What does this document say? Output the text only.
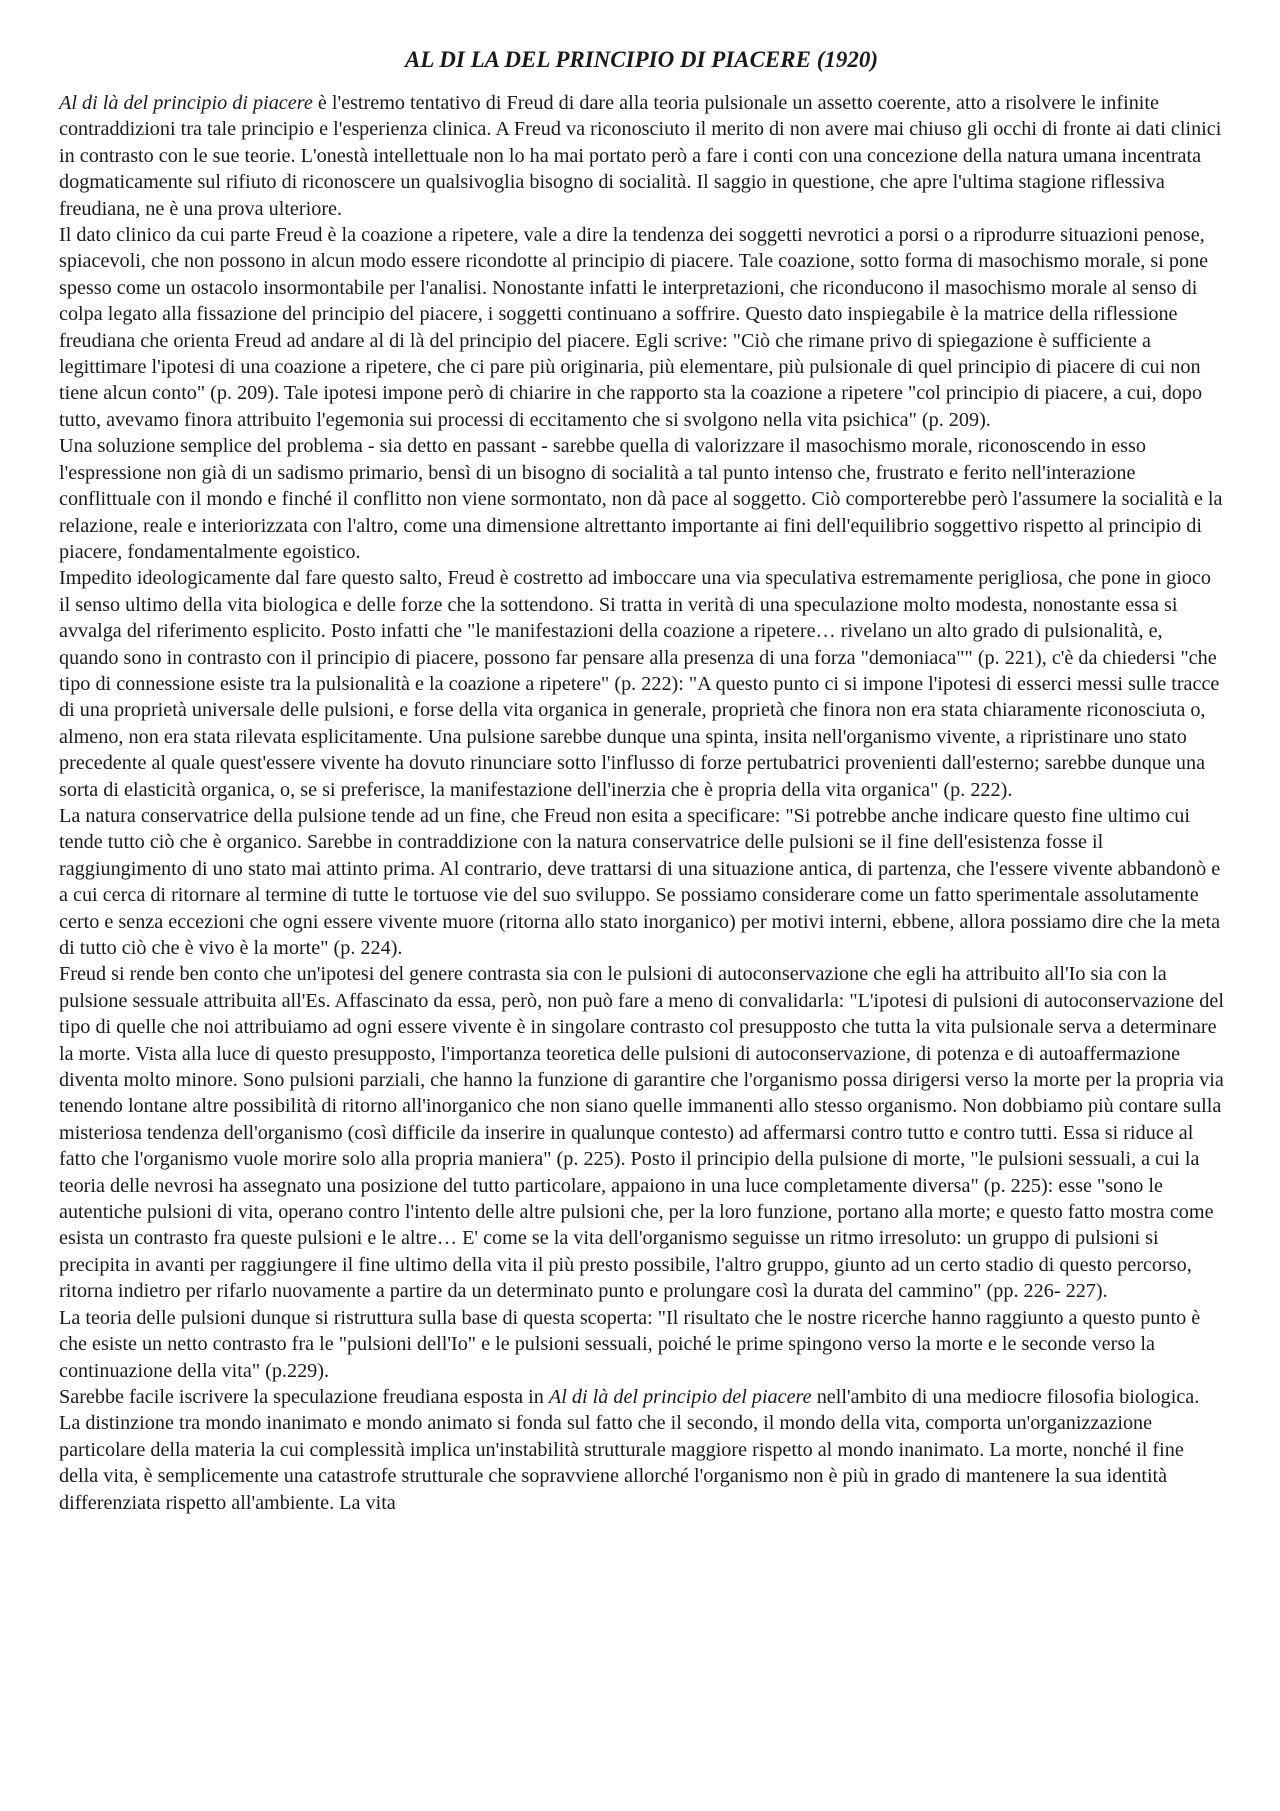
AL DI LA DEL PRINCIPIO DI PIACERE (1920)

Al di là del principio di piacere è l'estremo tentativo di Freud di dare alla teoria pulsionale un assetto coerente, atto a risolvere le infinite contraddizioni tra tale principio e l'esperienza clinica. A Freud va riconosciuto il merito di non avere mai chiuso gli occhi di fronte ai dati clinici in contrasto con le sue teorie. L'onestà intellettuale non lo ha mai portato però a fare i conti con una concezione della natura umana incentrata dogmaticamente sul rifiuto di riconoscere un qualsivoglia bisogno di socialità. Il saggio in questione, che apre l'ultima stagione riflessiva freudiana, ne è una prova ulteriore.

Il dato clinico da cui parte Freud è la coazione a ripetere, vale a dire la tendenza dei soggetti nevrotici a porsi o a riprodurre situazioni penose, spiacevoli, che non possono in alcun modo essere ricondotte al principio di piacere. Tale coazione, sotto forma di masochismo morale, si pone spesso come un ostacolo insormontabile per l'analisi. Nonostante infatti le interpretazioni, che riconducono il masochismo morale al senso di colpa legato alla fissazione del principio del piacere, i soggetti continuano a soffrire. Questo dato inspiegabile è la matrice della riflessione freudiana che orienta Freud ad andare al di là del principio del piacere. Egli scrive: "Ciò che rimane privo di spiegazione è sufficiente a legittimare l'ipotesi di una coazione a ripetere, che ci pare più originaria, più elementare, più pulsionale di quel principio di piacere di cui non tiene alcun conto" (p. 209). Tale ipotesi impone però di chiarire in che rapporto sta la coazione a ripetere "col principio di piacere, a cui, dopo tutto, avevamo finora attribuito l'egemonia sui processi di eccitamento che si svolgono nella vita psichica" (p. 209).

Una soluzione semplice del problema - sia detto en passant - sarebbe quella di valorizzare il masochismo morale, riconoscendo in esso l'espressione non già di un sadismo primario, bensì di un bisogno di socialità a tal punto intenso che, frustrato e ferito nell'interazione conflittuale con il mondo e finché il conflitto non viene sormontato, non dà pace al soggetto. Ciò comporterebbe però l'assumere la socialità e la relazione, reale e interiorizzata con l'altro, come una dimensione altrettanto importante ai fini dell'equilibrio soggettivo rispetto al principio di piacere, fondamentalmente egoistico.

Impedito ideologicamente dal fare questo salto, Freud è costretto ad imboccare una via speculativa estremamente perigliosa, che pone in gioco il senso ultimo della vita biologica e delle forze che la sottendono. Si tratta in verità di una speculazione molto modesta, nonostante essa si avvalga del riferimento esplicito. Posto infatti che "le manifestazioni della coazione a ripetere… rivelano un alto grado di pulsionalità, e, quando sono in contrasto con il principio di piacere, possono far pensare alla presenza di una forza "demoniaca"" (p. 221), c'è da chiedersi "che tipo di connessione esiste tra la pulsionalità e la coazione a ripetere" (p. 222): "A questo punto ci si impone l'ipotesi di esserci messi sulle tracce di una proprietà universale delle pulsioni, e forse della vita organica in generale, proprietà che finora non era stata chiaramente riconosciuta o, almeno, non era stata rilevata esplicitamente. Una pulsione sarebbe dunque una spinta, insita nell'organismo vivente, a ripristinare uno stato precedente al quale quest'essere vivente ha dovuto rinunciare sotto l'influsso di forze pertubatrici provenienti dall'esterno; sarebbe dunque una sorta di elasticità organica, o, se si preferisce, la manifestazione dell'inerzia che è propria della vita organica" (p. 222).

La natura conservatrice della pulsione tende ad un fine, che Freud non esita a specificare: "Si potrebbe anche indicare questo fine ultimo cui tende tutto ciò che è organico. Sarebbe in contraddizione con la natura conservatrice delle pulsioni se il fine dell'esistenza fosse il raggiungimento di uno stato mai attinto prima. Al contrario, deve trattarsi di una situazione antica, di partenza, che l'essere vivente abbandonò e a cui cerca di ritornare al termine di tutte le tortuose vie del suo sviluppo. Se possiamo considerare come un fatto sperimentale assolutamente certo e senza eccezioni che ogni essere vivente muore (ritorna allo stato inorganico) per motivi interni, ebbene, allora possiamo dire che la meta di tutto ciò che è vivo è la morte" (p. 224).

Freud si rende ben conto che un'ipotesi del genere contrasta sia con le pulsioni di autoconservazione che egli ha attribuito all'Io sia con la pulsione sessuale attribuita all'Es. Affascinato da essa, però, non può fare a meno di convalidarla: "L'ipotesi di pulsioni di autoconservazione del tipo di quelle che noi attribuiamo ad ogni essere vivente è in singolare contrasto col presupposto che tutta la vita pulsionale serva a determinare la morte. Vista alla luce di questo presupposto, l'importanza teoretica delle pulsioni di autoconservazione, di potenza e di autoaffermazione diventa molto minore. Sono pulsioni parziali, che hanno la funzione di garantire che l'organismo possa dirigersi verso la morte per la propria via tenendo lontane altre possibilità di ritorno all'inorganico che non siano quelle immanenti allo stesso organismo. Non dobbiamo più contare sulla misteriosa tendenza dell'organismo (così difficile da inserire in qualunque contesto) ad affermarsi contro tutto e contro tutti. Essa si riduce al fatto che l'organismo vuole morire solo alla propria maniera" (p. 225). Posto il principio della pulsione di morte, "le pulsioni sessuali, a cui la teoria delle nevrosi ha assegnato una posizione del tutto particolare, appaiono in una luce completamente diversa" (p. 225): esse "sono le autentiche pulsioni di vita, operano contro l'intento delle altre pulsioni che, per la loro funzione, portano alla morte; e questo fatto mostra come esista un contrasto fra queste pulsioni e le altre… E' come se la vita dell'organismo seguisse un ritmo irresoluto: un gruppo di pulsioni si precipita in avanti per raggiungere il fine ultimo della vita il più presto possibile, l'altro gruppo, giunto ad un certo stadio di questo percorso, ritorna indietro per rifarlo nuovamente a partire da un determinato punto e prolungare così la durata del cammino" (pp. 226- 227).

La teoria delle pulsioni dunque si ristruttura sulla base di questa scoperta: "Il risultato che le nostre ricerche hanno raggiunto a questo punto è che esiste un netto contrasto fra le "pulsioni dell'Io" e le pulsioni sessuali, poiché le prime spingono verso la morte e le seconde verso la continuazione della vita" (p.229).

Sarebbe facile iscrivere la speculazione freudiana esposta in Al di là del principio del piacere nell'ambito di una mediocre filosofia biologica. La distinzione tra mondo inanimato e mondo animato si fonda sul fatto che il secondo, il mondo della vita, comporta un'organizzazione particolare della materia la cui complessità implica un'instabilità strutturale maggiore rispetto al mondo inanimato. La morte, nonché il fine della vita, è semplicemente una catastrofe strutturale che sopravviene allorché l'organismo non è più in grado di mantenere la sua identità differenziata rispetto all'ambiente. La vita
